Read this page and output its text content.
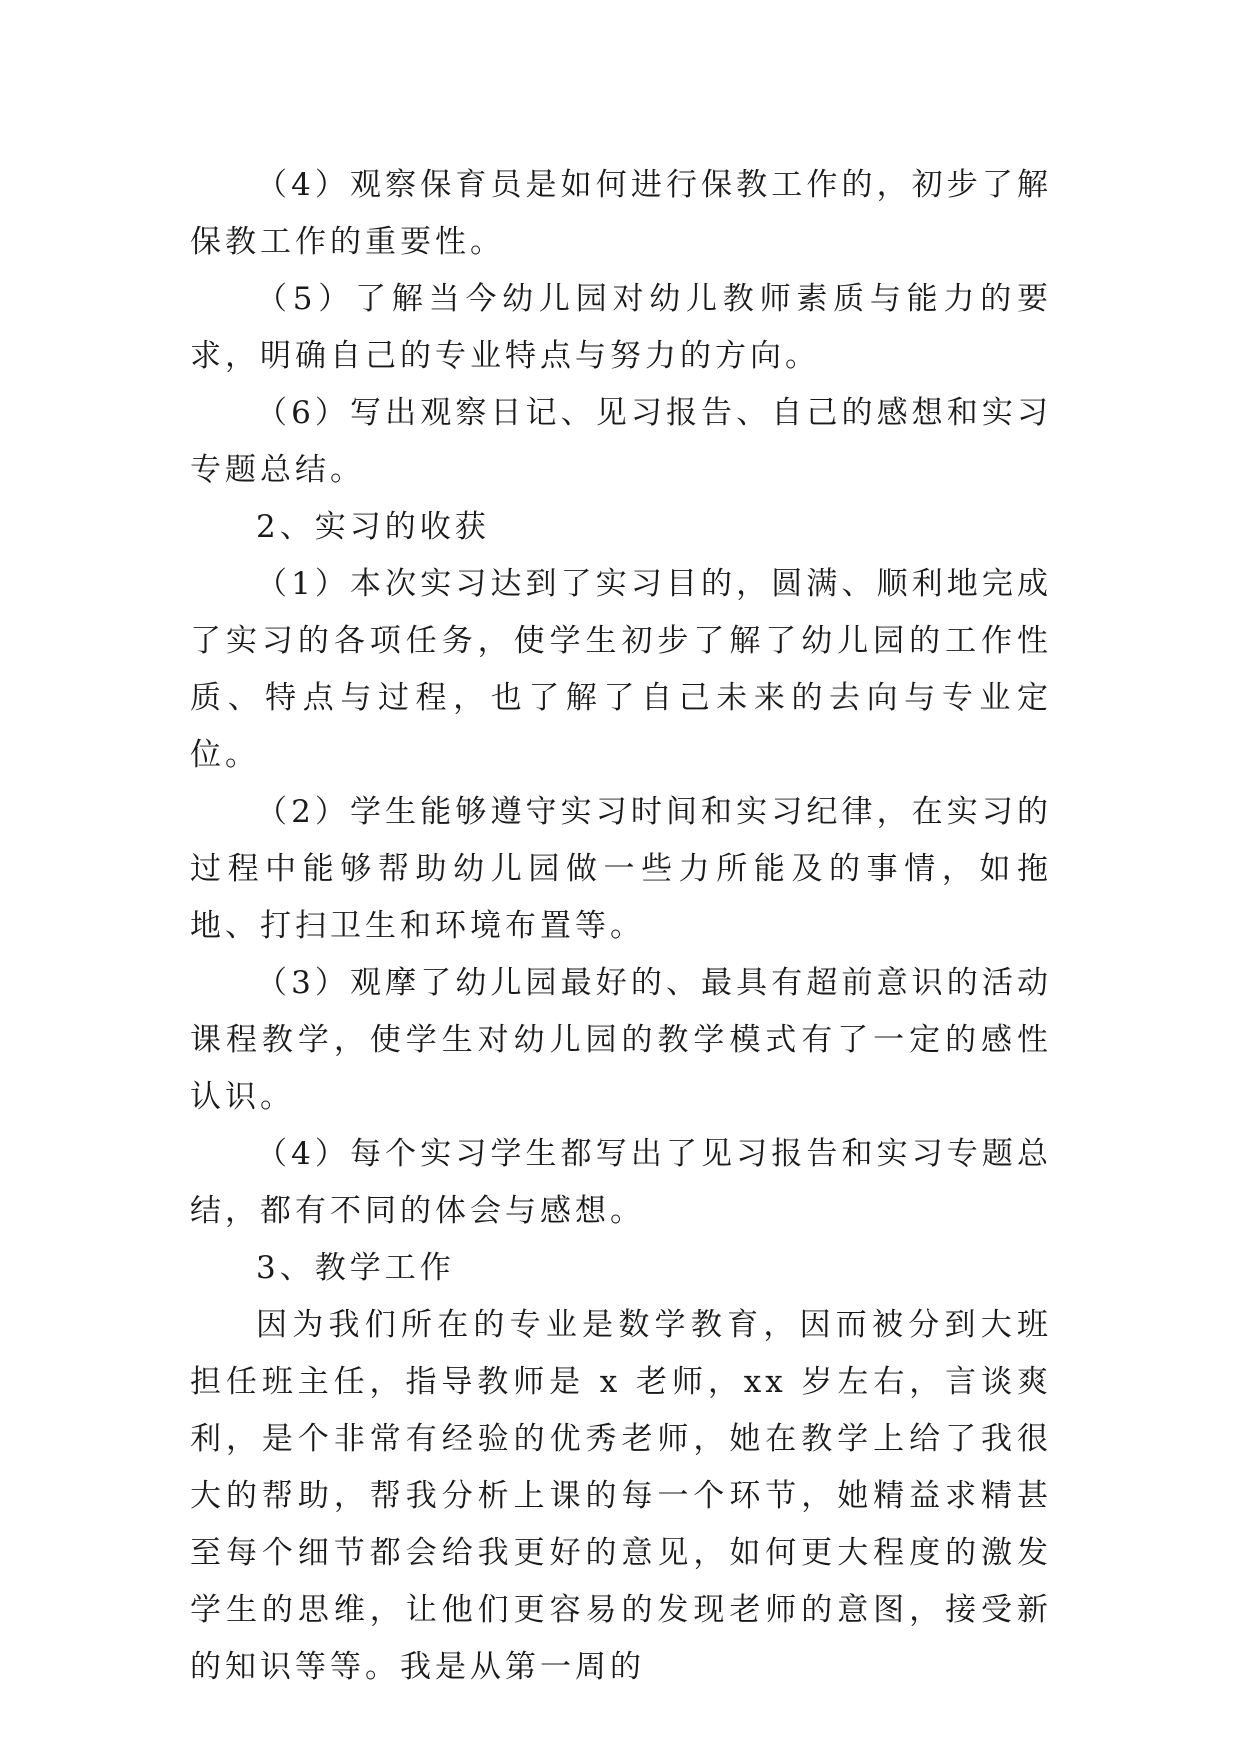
（4）观察保育员是如何进行保教工作的，初步了解保教工作的重要性。

（5）了解当今幼儿园对幼儿教师素质与能力的要求，明确自己的专业特点与努力的方向。

（6）写出观察日记、见习报告、自己的感想和实习专题总结。

2、实习的收获

（1）本次实习达到了实习目的，圆满、顺利地完成了实习的各项任务，使学生初步了解了幼儿园的工作性质、特点与过程，也了解了自己未来的去向与专业定位。

（2）学生能够遵守实习时间和实习纪律，在实习的过程中能够帮助幼儿园做一些力所能及的事情，如拖地、打扫卫生和环境布置等。

（3）观摩了幼儿园最好的、最具有超前意识的活动课程教学，使学生对幼儿园的教学模式有了一定的感性认识。

（4）每个实习学生都写出了见习报告和实习专题总结，都有不同的体会与感想。

3、教学工作

因为我们所在的专业是数学教育，因而被分到大班担任班主任，指导教师是 x 老师，xx 岁左右，言谈爽利，是个非常有经验的优秀老师，她在教学上给了我很大的帮助，帮我分析上课的每一个环节，她精益求精甚至每个细节都会给我更好的意见，如何更大程度的激发学生的思维，让他们更容易的发现老师的意图，接受新的知识等等。我是从第一周的
